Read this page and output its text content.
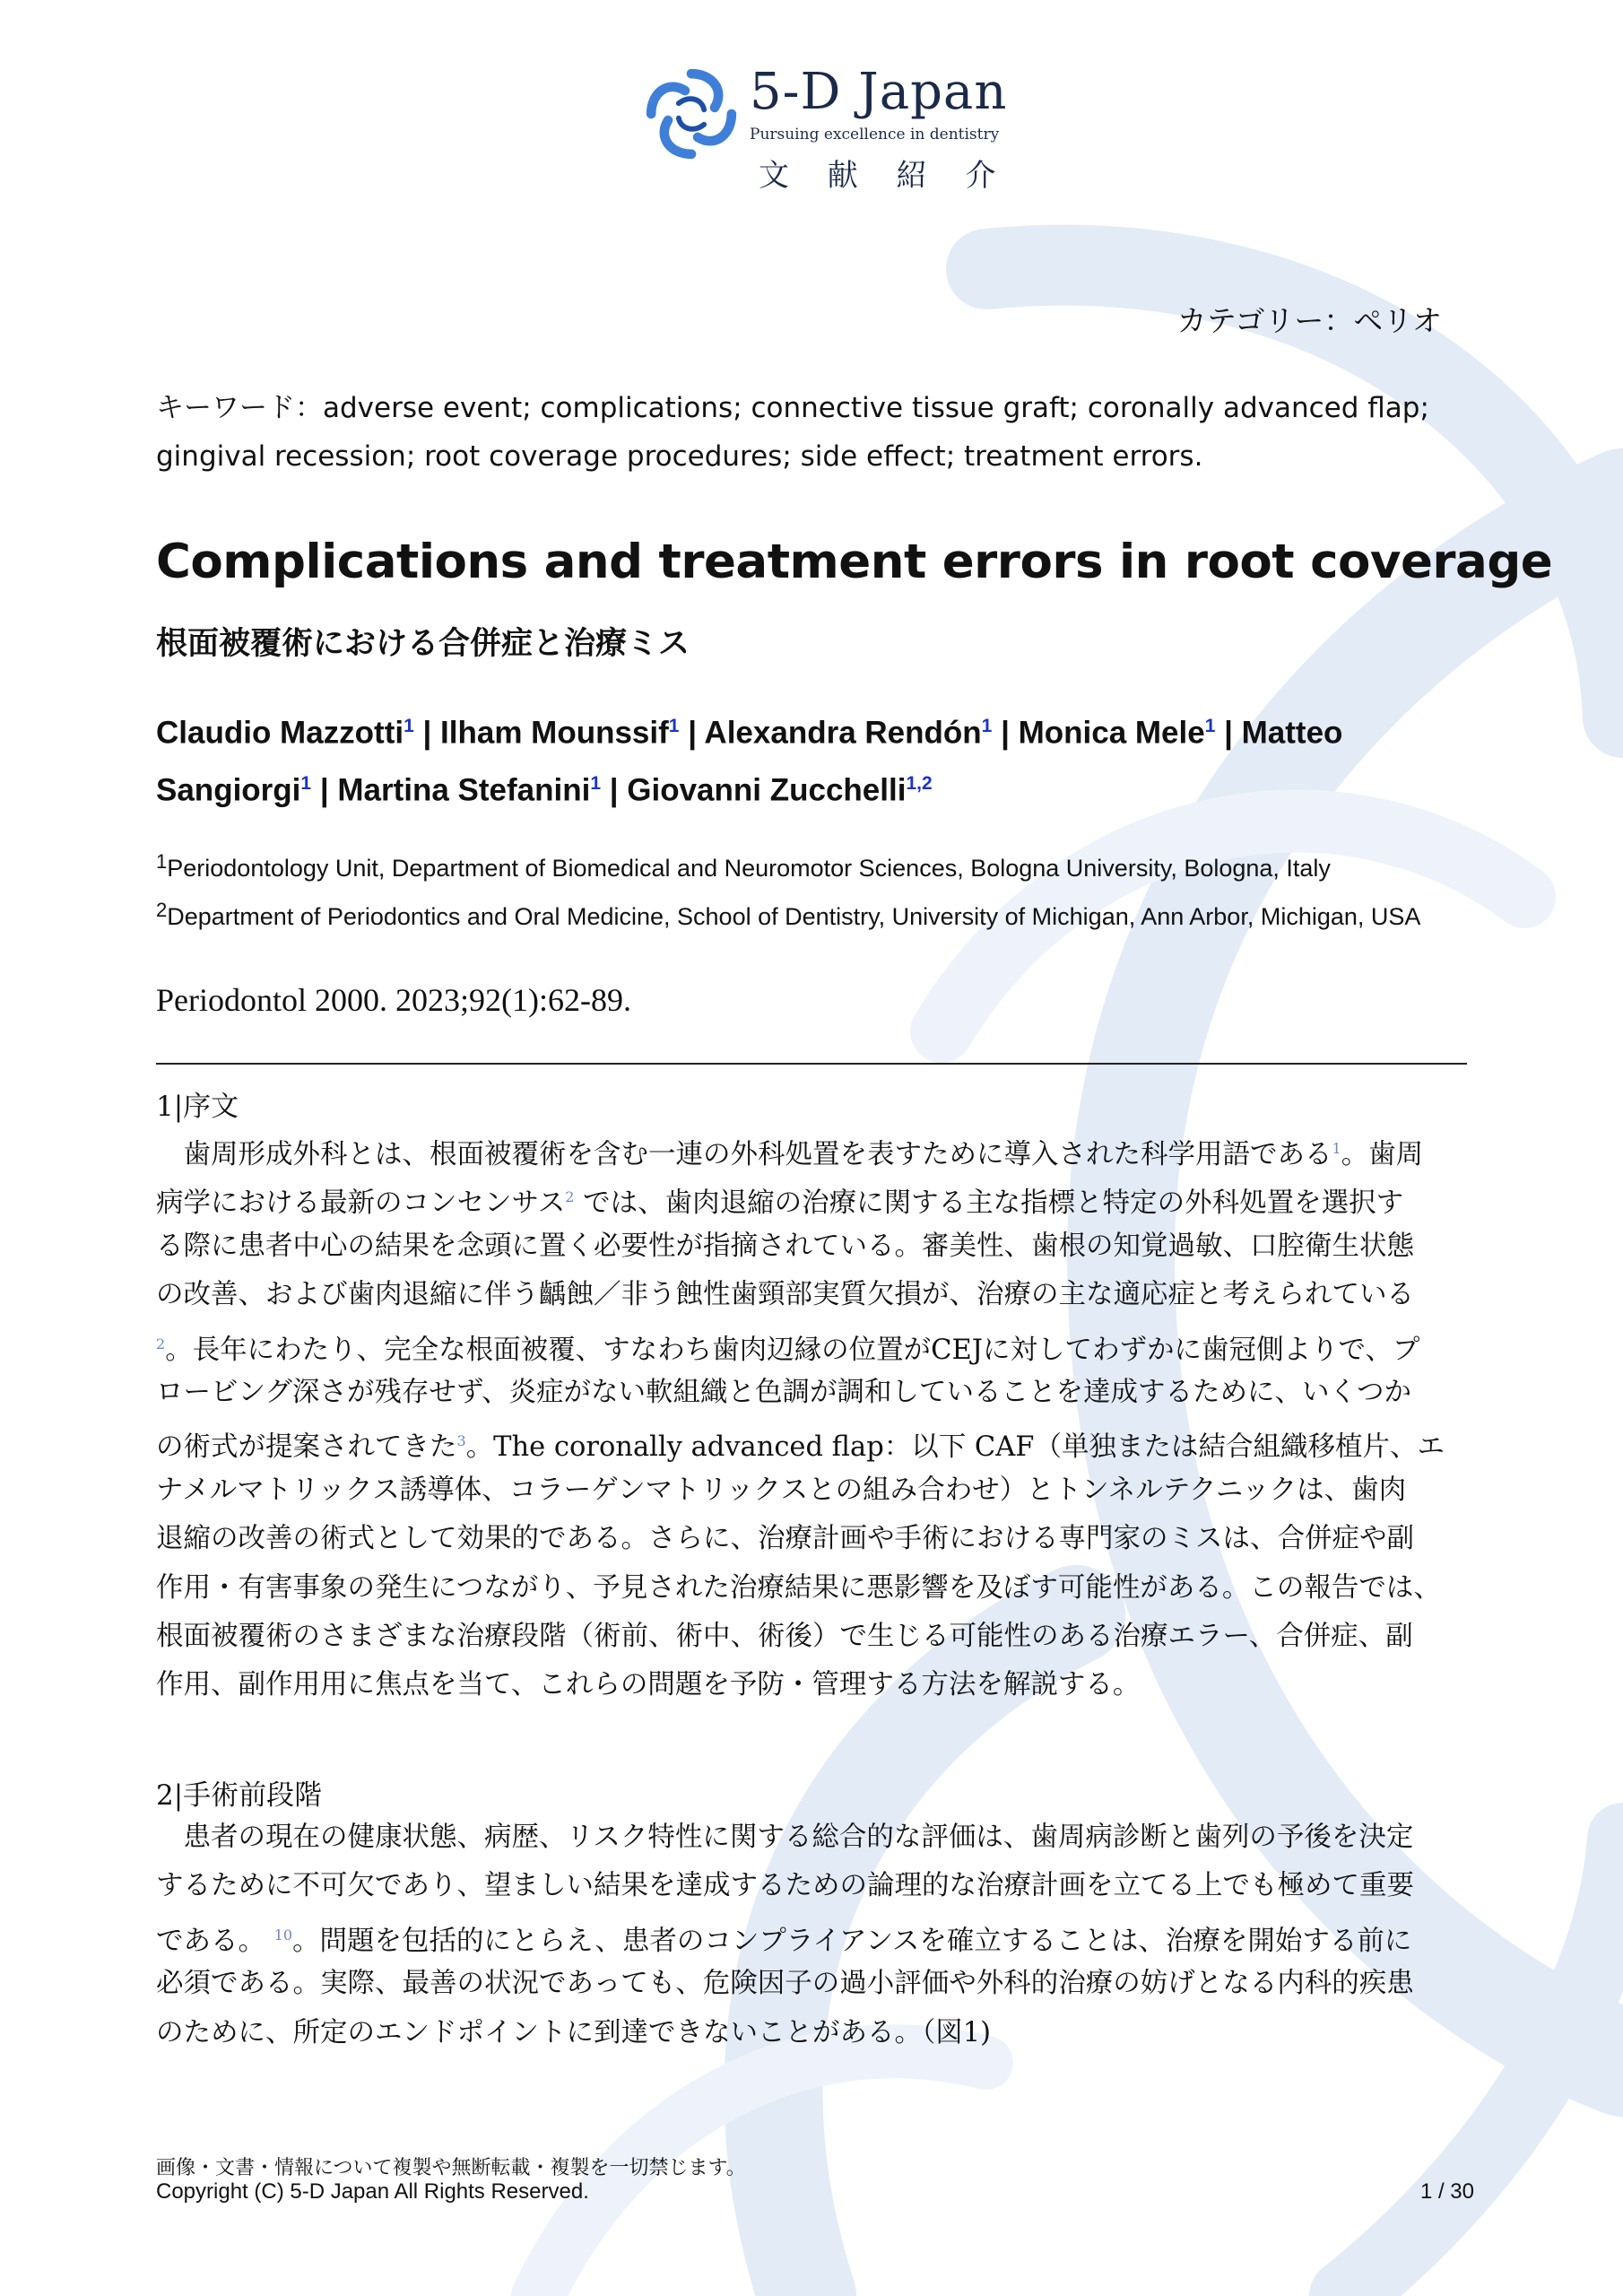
5-D Japan
Pursuing excellence in dentistry
文 献 紹 介
カテゴリー：ペリオ
キーワード：adverse event; complications; connective tissue graft; coronally advanced flap; gingival recession; root coverage procedures; side effect; treatment errors.
Complications and treatment errors in root coverage
根面被覆術における合併症と治療ミス
Claudio Mazzotti$^1$ | Ilham Mounssif$^1$ | Alexandra Rendón$^1$ | Monica Mele$^1$ | Matteo Sangiorgi$^1$ | Martina Stefanini$^1$ | Giovanni Zucchelli$^{1,2}$
$^1$Periodontology Unit, Department of Biomedical and Neuromotor Sciences, Bologna University, Bologna, Italy
$^2$Department of Periodontics and Oral Medicine, School of Dentistry, University of Michigan, Ann Arbor, Michigan, USA
Periodontol 2000. 2023;92(1):62-89.
1|序文
　歯周形成外科とは、根面被覆術を含む一連の外科処置を表すために導入された科学用語である$^1$。歯周
病学における最新のコンセンサス$^2$ では、歯肉退縮の治療に関する主な指標と特定の外科処置を選択す
る際に患者中心の結果を念頭に置く必要性が指摘されている。審美性、歯根の知覚過敏、口腔衛生状態
の改善、および歯肉退縮に伴う齲蝕／非う蝕性歯頸部実質欠損が、治療の主な適応症と考えられている
$^2$。長年にわたり、完全な根面被覆、すなわち歯肉辺縁の位置がCEJに対してわずかに歯冠側よりで、プ
ロービング深さが残存せず、炎症がない軟組織と色調が調和していることを達成するために、いくつか
の術式が提案されてきた$^3$。The coronally advanced flap：以下 CAF（単独または結合組織移植片、エ
ナメルマトリックス誘導体、コラーゲンマトリックスとの組み合わせ）とトンネルテクニックは、歯肉
退縮の改善の術式として効果的である。さらに、治療計画や手術における専門家のミスは、合併症や副
作用・有害事象の発生につながり、予見された治療結果に悪影響を及ぼす可能性がある。この報告では、
根面被覆術のさまざまな治療段階（術前、術中、術後）で生じる可能性のある治療エラー、合併症、副
作用、副作用用に焦点を当て、これらの問題を予防・管理する方法を解説する。
2|手術前段階
　患者の現在の健康状態、病歴、リスク特性に関する総合的な評価は、歯周病診断と歯列の予後を決定
するために不可欠であり、望ましい結果を達成するための論理的な治療計画を立てる上でも極めて重要
である。 $^{10}$。問題を包括的にとらえ、患者のコンプライアンスを確立することは、治療を開始する前に
必須である。実際、最善の状況であっても、危険因子の過小評価や外科的治療の妨げとなる内科的疾患
のために、所定のエンドポイントに到達できないことがある。（図1)
画像・文書・情報について複製や無断転載・複製を一切禁じます。
Copyright (C) 5-D Japan All Rights Reserved.	1 / 30
